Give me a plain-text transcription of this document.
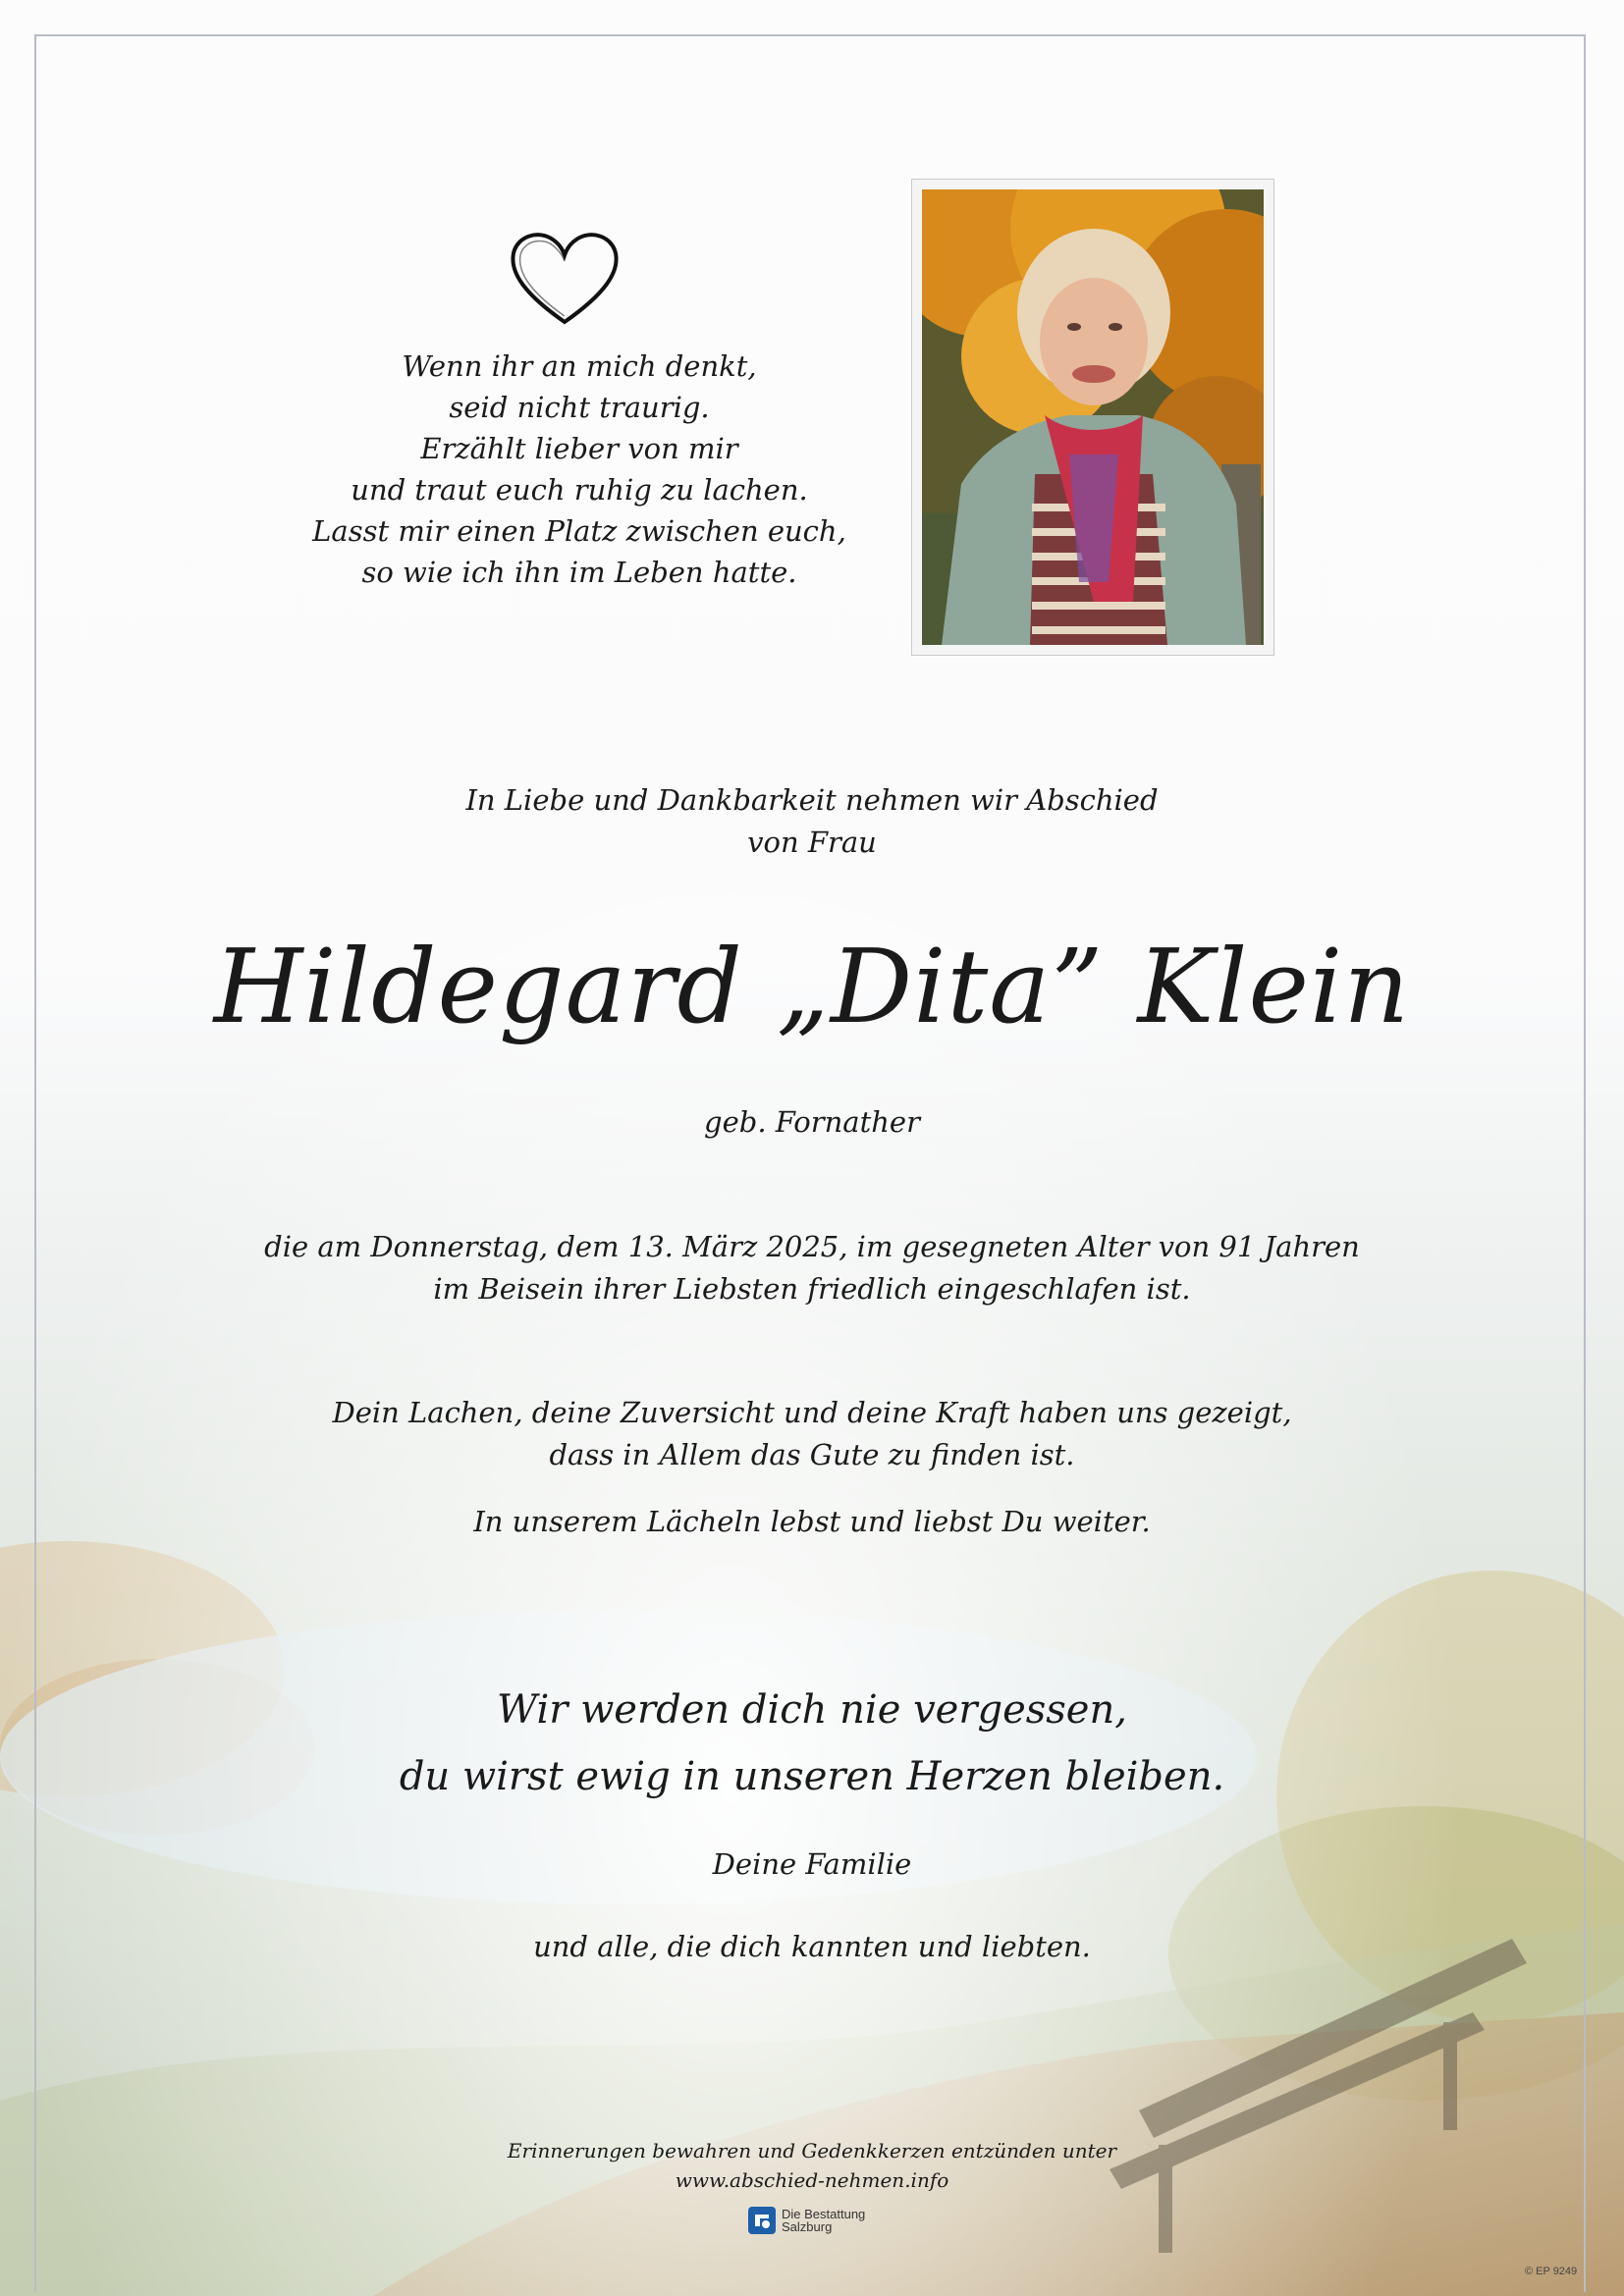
Wenn ihr an mich denkt,
seid nicht traurig.
Erzählt lieber von mir
und traut euch ruhig zu lachen.
Lasst mir einen Platz zwischen euch,
so wie ich ihn im Leben hatte.
In Liebe und Dankbarkeit nehmen wir Abschied
von Frau
Hildegard „Dita” Klein
geb. Fornather
die am Donnerstag, dem 13. März 2025, im gesegneten Alter von 91 Jahren
im Beisein ihrer Liebsten friedlich eingeschlafen ist.
Dein Lachen, deine Zuversicht und deine Kraft haben uns gezeigt,
dass in Allem das Gute zu finden ist.
In unserem Lächeln lebst und liebst Du weiter.
Wir werden dich nie vergessen,
du wirst ewig in unseren Herzen bleiben.
Deine Familie
und alle, die dich kannten und liebten.
Erinnerungen bewahren und Gedenkkerzen entzünden unter
www.abschied-nehmen.info
Die Bestattung
Salzburg
© EP 9249
